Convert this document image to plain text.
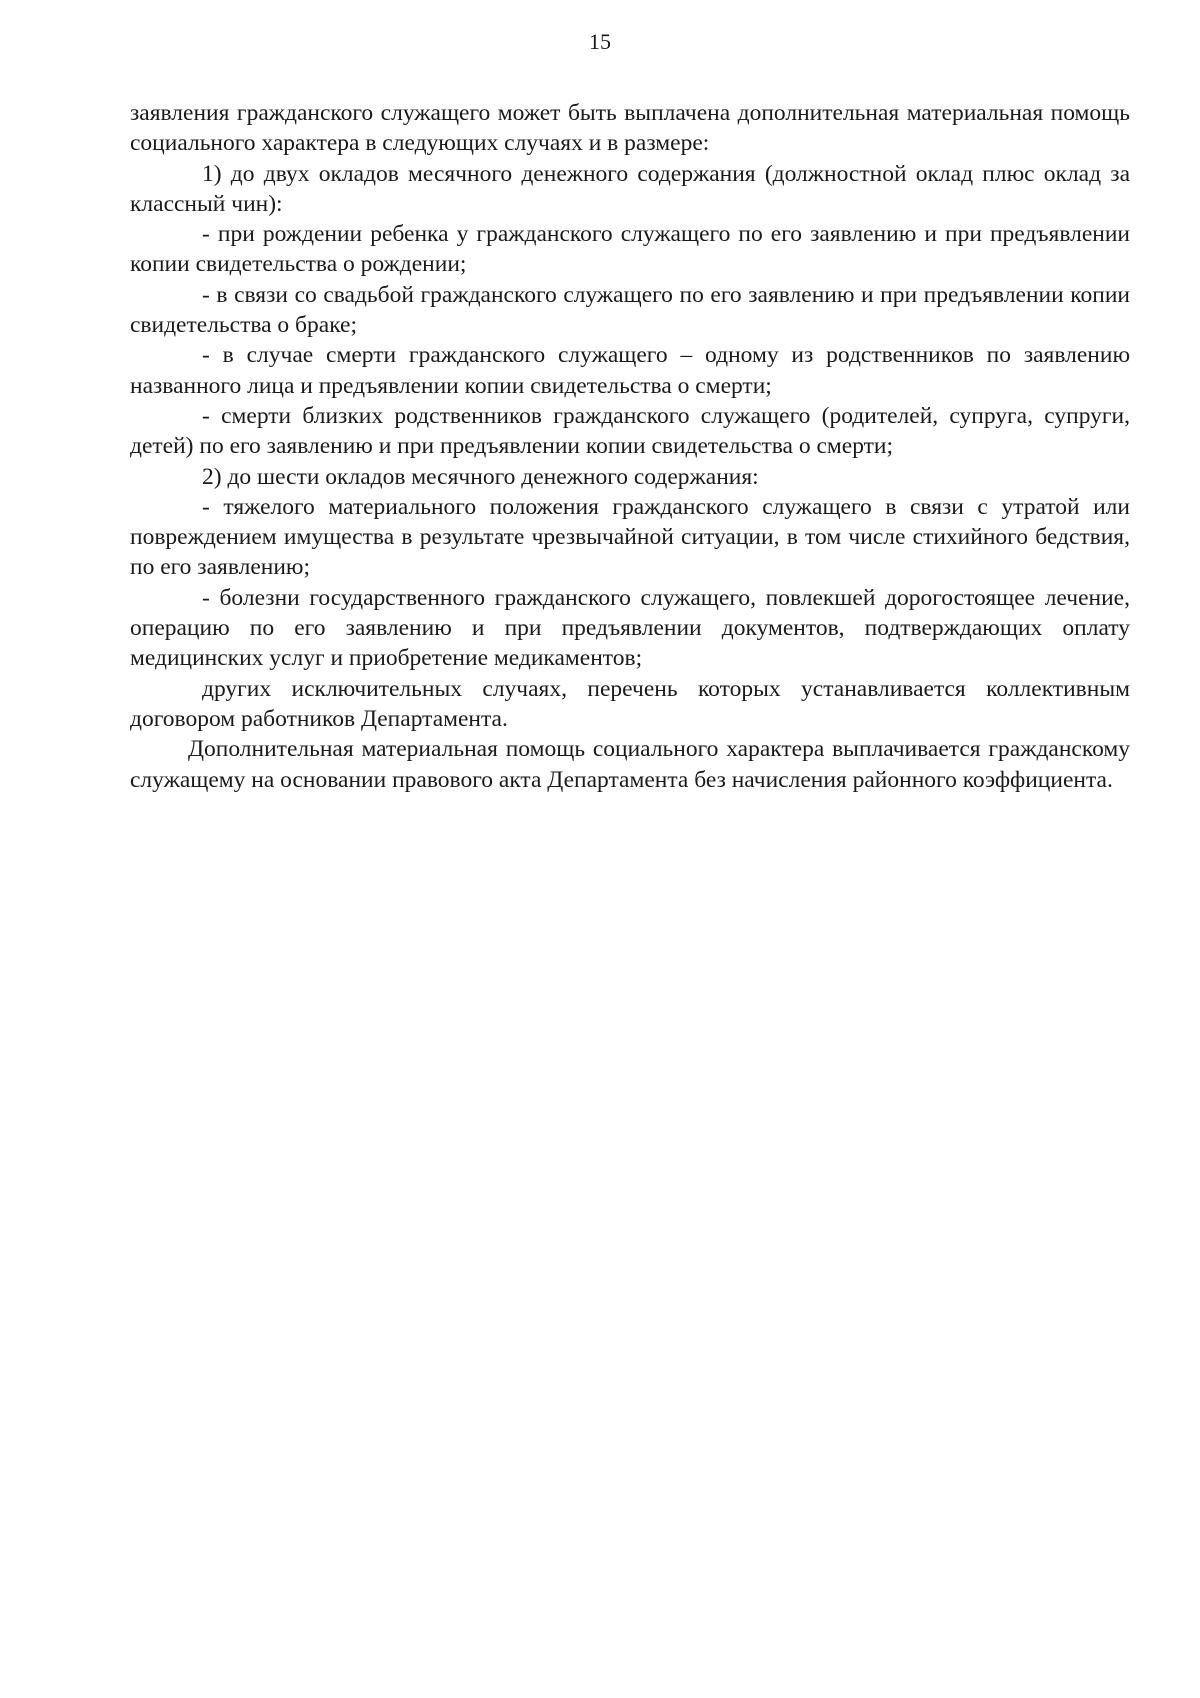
15

заявления гражданского служащего может быть выплачена дополнительная материальная помощь социального характера в следующих случаях и в размере:

1) до двух окладов месячного денежного содержания (должностной оклад плюс оклад за классный чин):

- при рождении ребенка у гражданского служащего по его заявлению и при предъявлении копии свидетельства о рождении;

- в связи со свадьбой гражданского служащего по его заявлению и при предъявлении копии свидетельства о браке;

- в случае смерти гражданского служащего – одному из родственников по заявлению названного лица и предъявлении копии свидетельства о смерти;

- смерти близких родственников гражданского служащего (родителей, супруга, супруги, детей) по его заявлению и при предъявлении копии свидетельства о смерти;

2) до шести окладов месячного денежного содержания:

- тяжелого материального положения гражданского служащего в связи с утратой или повреждением имущества в результате чрезвычайной ситуации, в том числе стихийного бедствия, по его заявлению;

- болезни государственного гражданского служащего, повлекшей дорогостоящее лечение, операцию по его заявлению и при предъявлении документов, подтверждающих оплату медицинских услуг и приобретение медикаментов;

другиx исключительных случаях, перечень которых устанавливается коллективным договором работников Департамента.

Дополнительная материальная помощь социального характера выплачивается гражданскому служащему на основании правового акта Департамента без начисления районного коэффициента.
